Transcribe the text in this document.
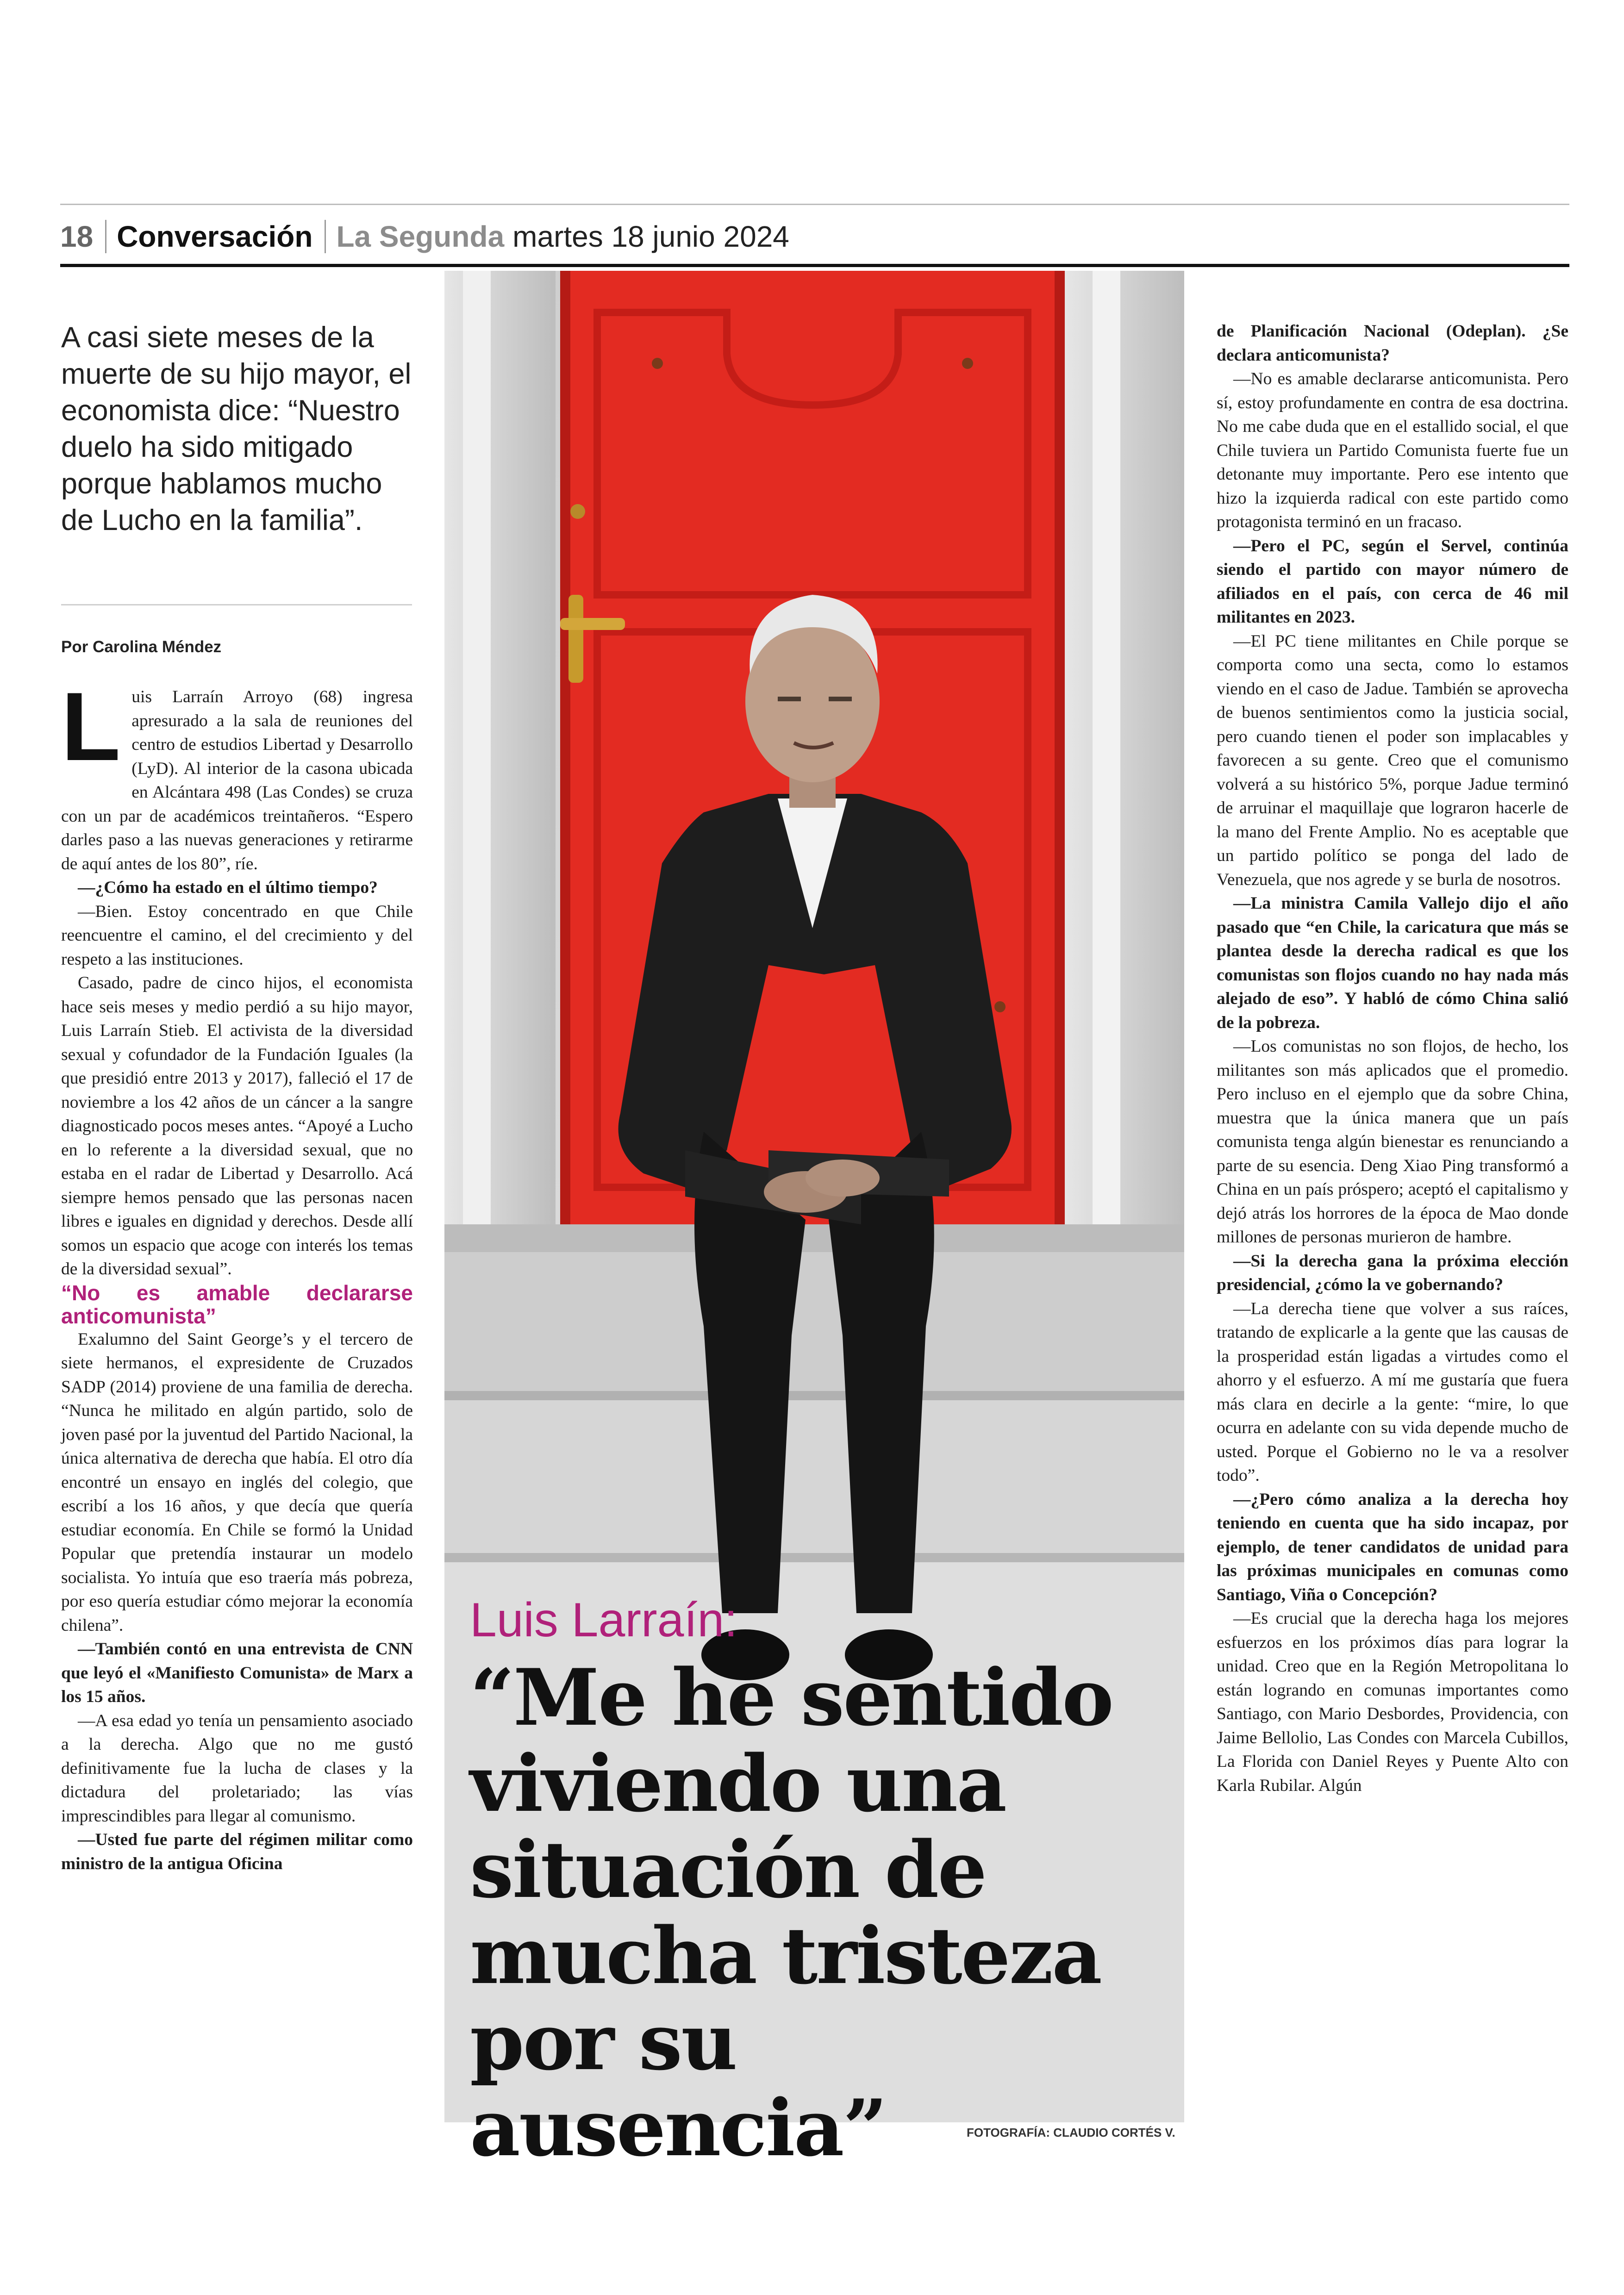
18 Conversación La Segunda martes 18 junio 2024
A casi siete meses de la muerte de su hijo mayor, el economista dice: “Nuestro duelo ha sido mitigado porque hablamos mucho de Lucho en la familia”.
Por Carolina Méndez
L uis Larraín Arroyo (68) ingresa apresurado a la sala de reuniones del centro de estudios Libertad y Desarrollo (LyD). Al interior de la casona ubicada en Alcántara 498 (Las Condes) se cruza con un par de académicos treintañeros. “Espero darles paso a las nuevas generaciones y retirarme de aquí antes de los 80”, ríe.

—¿Cómo ha estado en el último tiempo?

—Bien. Estoy concentrado en que Chile reencuentre el camino, el del crecimiento y del respeto a las instituciones.

Casado, padre de cinco hijos, el economista hace seis meses y medio perdió a su hijo mayor, Luis Larraín Stieb. El activista de la diversidad sexual y cofundador de la Fundación Iguales (la que presidió entre 2013 y 2017), falleció el 17 de noviembre a los 42 años de un cáncer a la sangre diagnosticado pocos meses antes. “Apoyé a Lucho en lo referente a la diversidad sexual, que no estaba en el radar de Libertad y Desarrollo. Acá siempre hemos pensado que las personas nacen libres e iguales en dignidad y derechos. Desde allí somos un espacio que acoge con interés los temas de la diversidad sexual”.

“No es amable declararse anticomunista”

Exalumno del Saint George’s y el tercero de siete hermanos, el expresidente de Cruzados SADP (2014) proviene de una familia de derecha. “Nunca he militado en algún partido, solo de joven pasé por la juventud del Partido Nacional, la única alternativa de derecha que había. El otro día encontré un ensayo en inglés del colegio, que escribí a los 16 años, y que decía que quería estudiar economía. En Chile se formó la Unidad Popular que pretendía instaurar un modelo socialista. Yo intuía que eso traería más pobreza, por eso quería estudiar cómo mejorar la economía chilena”.

—También contó en una entrevista de CNN que leyó el «Manifiesto Comunista» de Marx a los 15 años.

—A esa edad yo tenía un pensamiento asociado a la derecha. Algo que no me gustó definitivamente fue la lucha de clases y la dictadura del proletariado; las vías imprescindibles para llegar al comunismo.

—Usted fue parte del régimen militar como ministro de la antigua Oficina

Luis Larraín:
“Me he sentido viviendo una situación de mucha tristeza por su ausencia”	FOTOGRAFÍA: CLAUDIO CORTÉS V.

de Planificación Nacional (Odeplan). ¿Se declara anticomunista?

—No es amable declararse anticomunista. Pero sí, estoy profundamente en contra de esa doctrina. No me cabe duda que en el estallido social, el que Chile tuviera un Partido Comunista fuerte fue un detonante muy importante. Pero ese intento que hizo la izquierda radical con este partido como protagonista terminó en un fracaso.

—Pero el PC, según el Servel, continúa siendo el partido con mayor número de afiliados en el país, con cerca de 46 mil militantes en 2023.

—El PC tiene militantes en Chile porque se comporta como una secta, como lo estamos viendo en el caso de Jadue. También se aprovecha de buenos sentimientos como la justicia social, pero cuando tienen el poder son implacables y favorecen a su gente. Creo que el comunismo volverá a su histórico 5%, porque Jadue terminó de arruinar el maquillaje que lograron hacerle de la mano del Frente Amplio. No es aceptable que un partido político se ponga del lado de Venezuela, que nos agrede y se burla de nosotros.

—La ministra Camila Vallejo dijo el año pasado que “en Chile, la caricatura que más se plantea desde la derecha radical es que los comunistas son flojos cuando no hay nada más alejado de eso”. Y habló de cómo China salió de la pobreza.

—Los comunistas no son flojos, de hecho, los militantes son más aplicados que el promedio. Pero incluso en el ejemplo que da sobre China, muestra que la única manera que un país comunista tenga algún bienestar es renunciando a parte de su esencia. Deng Xiao Ping transformó a China en un país próspero; aceptó el capitalismo y dejó atrás los horrores de la época de Mao donde millones de personas murieron de hambre.

—Si la derecha gana la próxima elección presidencial, ¿cómo la ve gobernando?

—La derecha tiene que volver a sus raíces, tratando de explicarle a la gente que las causas de la prosperidad están ligadas a virtudes como el ahorro y el esfuerzo. A mí me gustaría que fuera más clara en decirle a la gente: “mire, lo que ocurra en adelante con su vida depende mucho de usted. Porque el Gobierno no le va a resolver todo”.

—¿Pero cómo analiza a la derecha hoy teniendo en cuenta que ha sido incapaz, por ejemplo, de tener candidatos de unidad para las próximas municipales en comunas como Santiago, Viña o Concepción?

—Es crucial que la derecha haga los mejores esfuerzos en los próximos días para lograr la unidad. Creo que en la Región Metropolitana lo están logrando en comunas importantes como Santiago, con Mario Desbordes, Providencia, con Jaime Bellolio, Las Condes con Marcela Cubillos, La Florida con Daniel Reyes y Puente Alto con Karla Rubilar. Algún
